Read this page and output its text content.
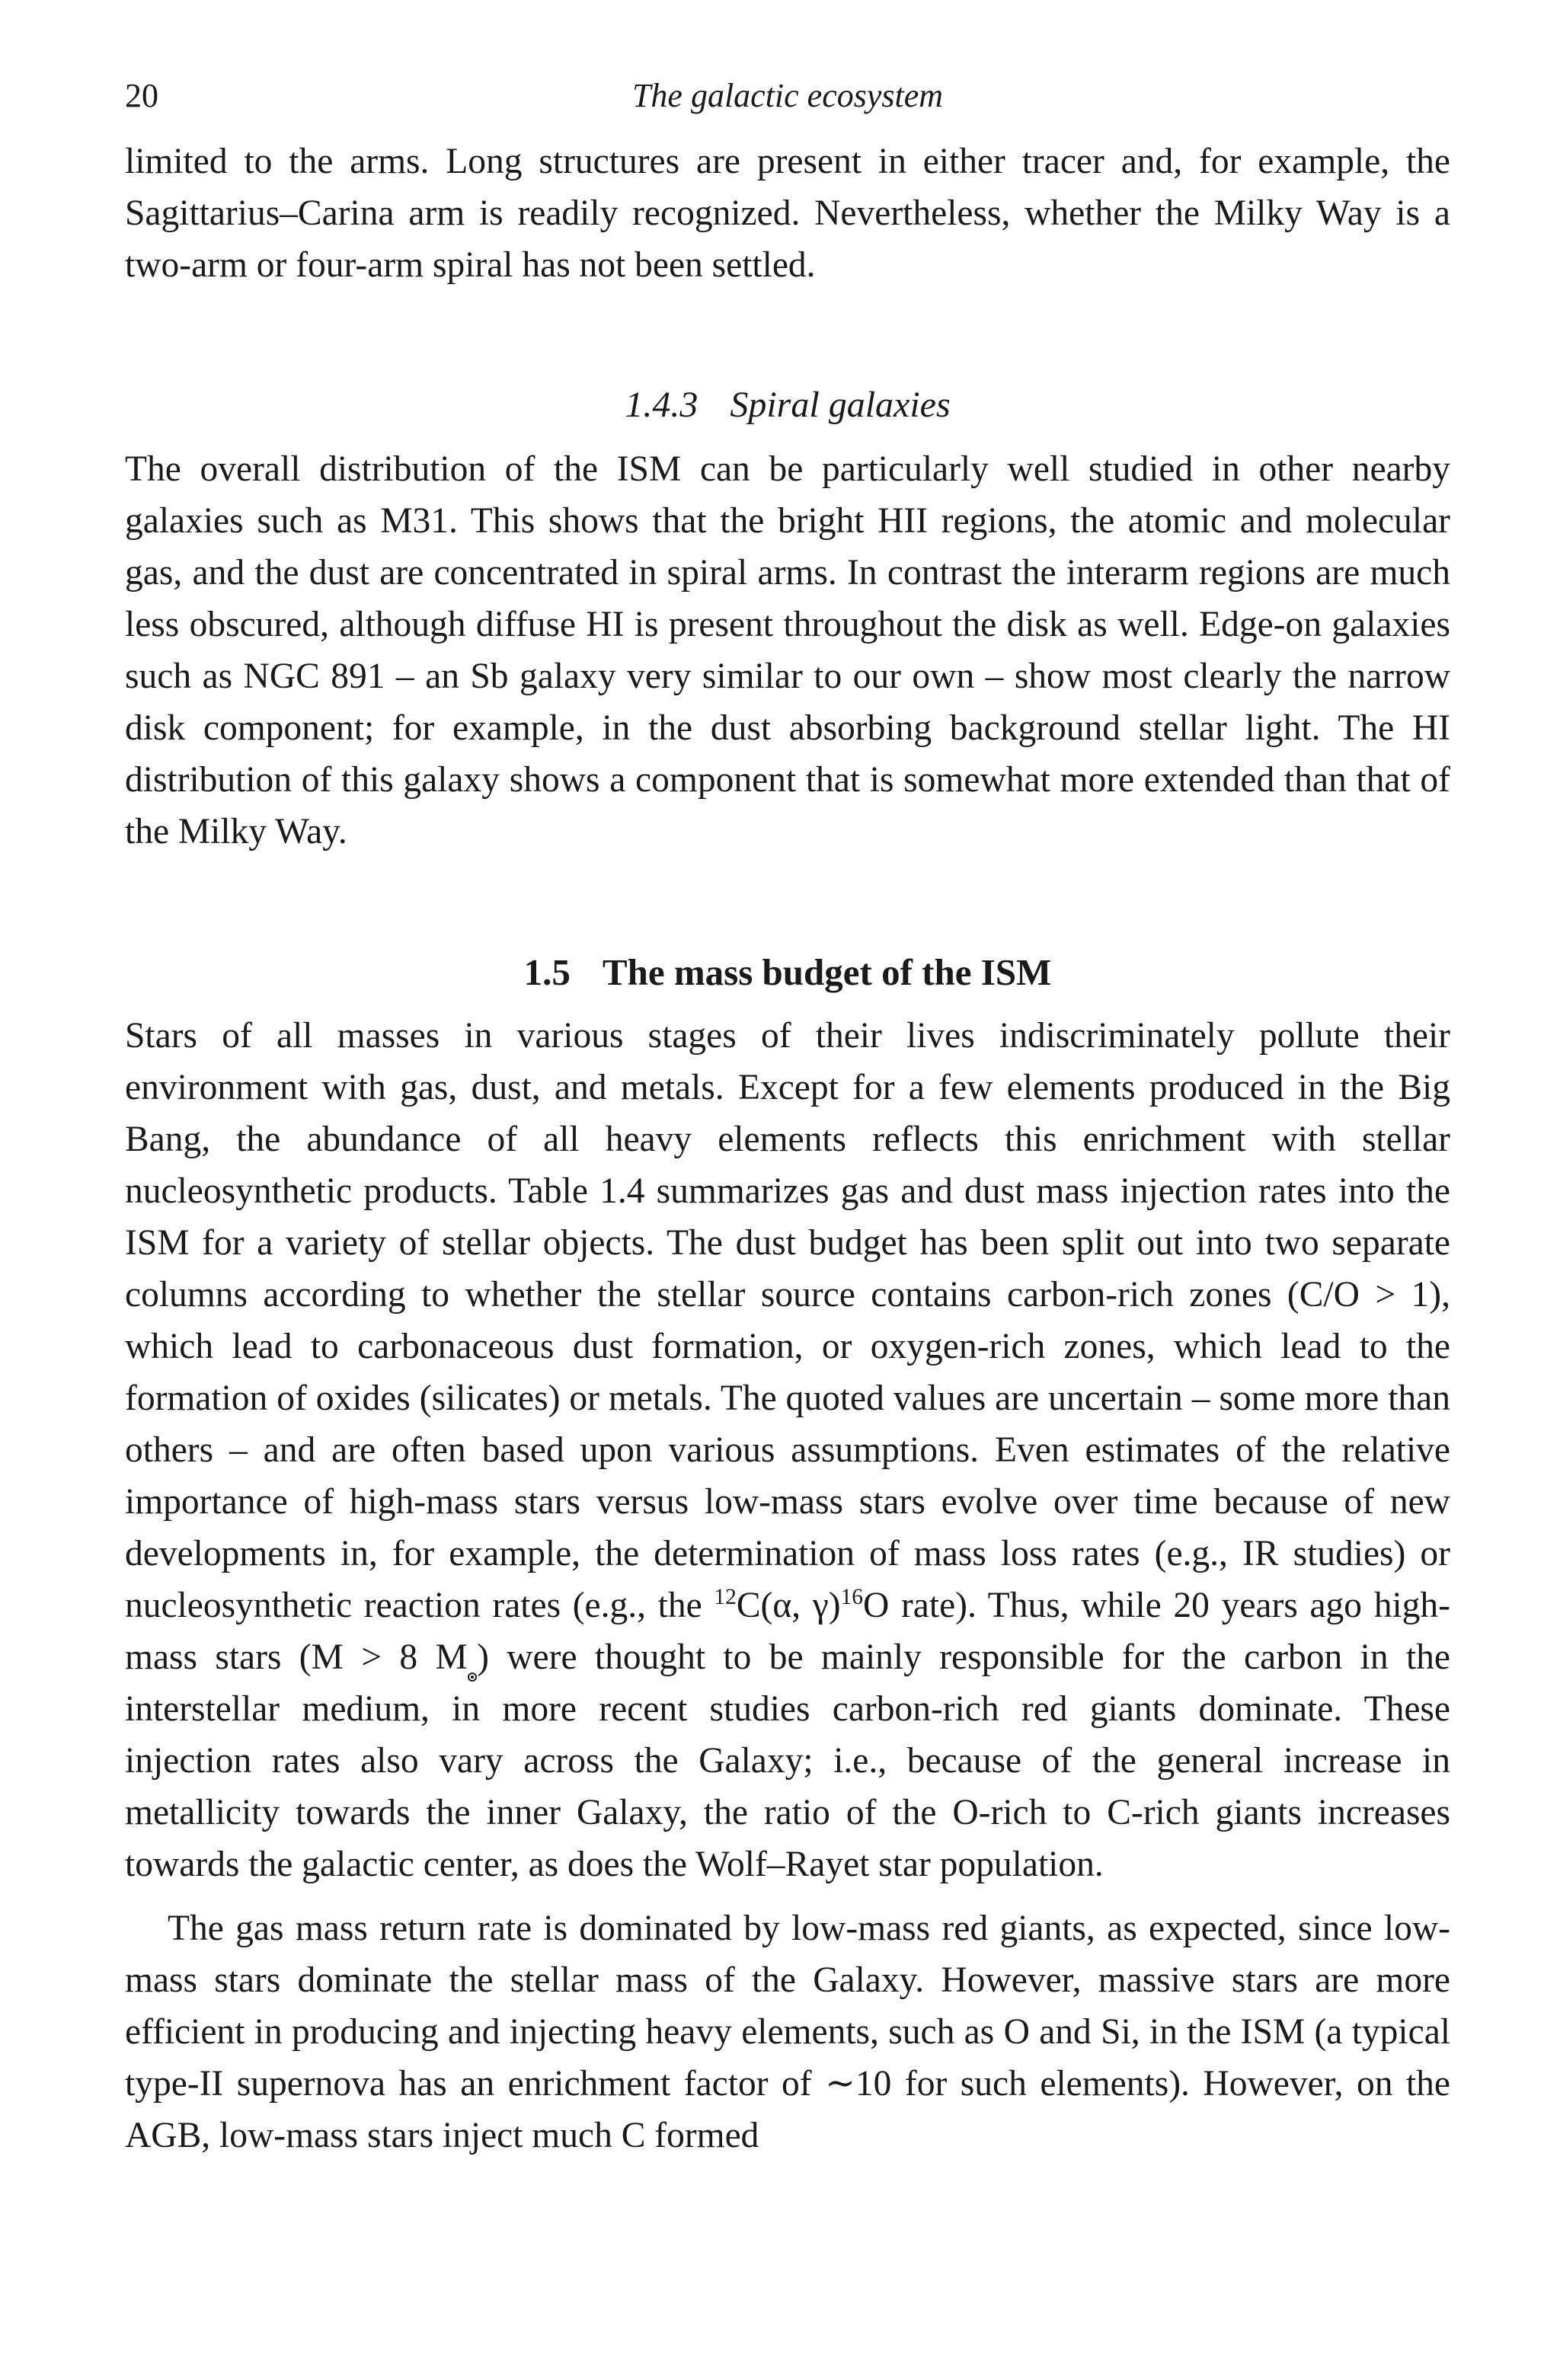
20	The galactic ecosystem

limited to the arms. Long structures are present in either tracer and, for example, the Sagittarius–Carina arm is readily recognized. Nevertheless, whether the Milky Way is a two-arm or four-arm spiral has not been settled.

1.4.3 Spiral galaxies

The overall distribution of the ISM can be particularly well studied in other nearby galaxies such as M31. This shows that the bright HII regions, the atomic and molecular gas, and the dust are concentrated in spiral arms. In contrast the interarm regions are much less obscured, although diffuse HI is present throughout the disk as well. Edge-on galaxies such as NGC 891 – an Sb galaxy very similar to our own – show most clearly the narrow disk component; for example, in the dust absorbing background stellar light. The HI distribution of this galaxy shows a component that is somewhat more extended than that of the Milky Way.

1.5 The mass budget of the ISM

Stars of all masses in various stages of their lives indiscriminately pollute their environment with gas, dust, and metals. Except for a few elements produced in the Big Bang, the abundance of all heavy elements reflects this enrichment with stellar nucleosynthetic products. Table 1.4 summarizes gas and dust mass injection rates into the ISM for a variety of stellar objects. The dust budget has been split out into two separate columns according to whether the stellar source contains carbon-rich zones (C/O > 1), which lead to carbonaceous dust formation, or oxygen-rich zones, which lead to the formation of oxides (silicates) or metals. The quoted values are uncertain – some more than others – and are often based upon various assumptions. Even estimates of the relative importance of high-mass stars versus low-mass stars evolve over time because of new developments in, for example, the determination of mass loss rates (e.g., IR studies) or nucleosynthetic reaction rates (e.g., the $^{12}$C(α, γ)$^{16}$O rate). Thus, while 20 years ago high-mass stars (M > 8 M ) were thought to be mainly responsible for the carbon in the interstellar medium, in more recent studies carbon-rich red giants dominate. These injection rates also vary across the Galaxy; i.e., because of the general increase in metallicity towards the inner Galaxy, the ratio of the O-rich to C-rich giants increases towards the galactic center, as does the Wolf–Rayet star population.

The gas mass return rate is dominated by low-mass red giants, as expected, since low-mass stars dominate the stellar mass of the Galaxy. However, massive stars are more efficient in producing and injecting heavy elements, such as O and Si, in the ISM (a typical type-II supernova has an enrichment factor of ∼10 for such elements). However, on the AGB, low-mass stars inject much C formed
